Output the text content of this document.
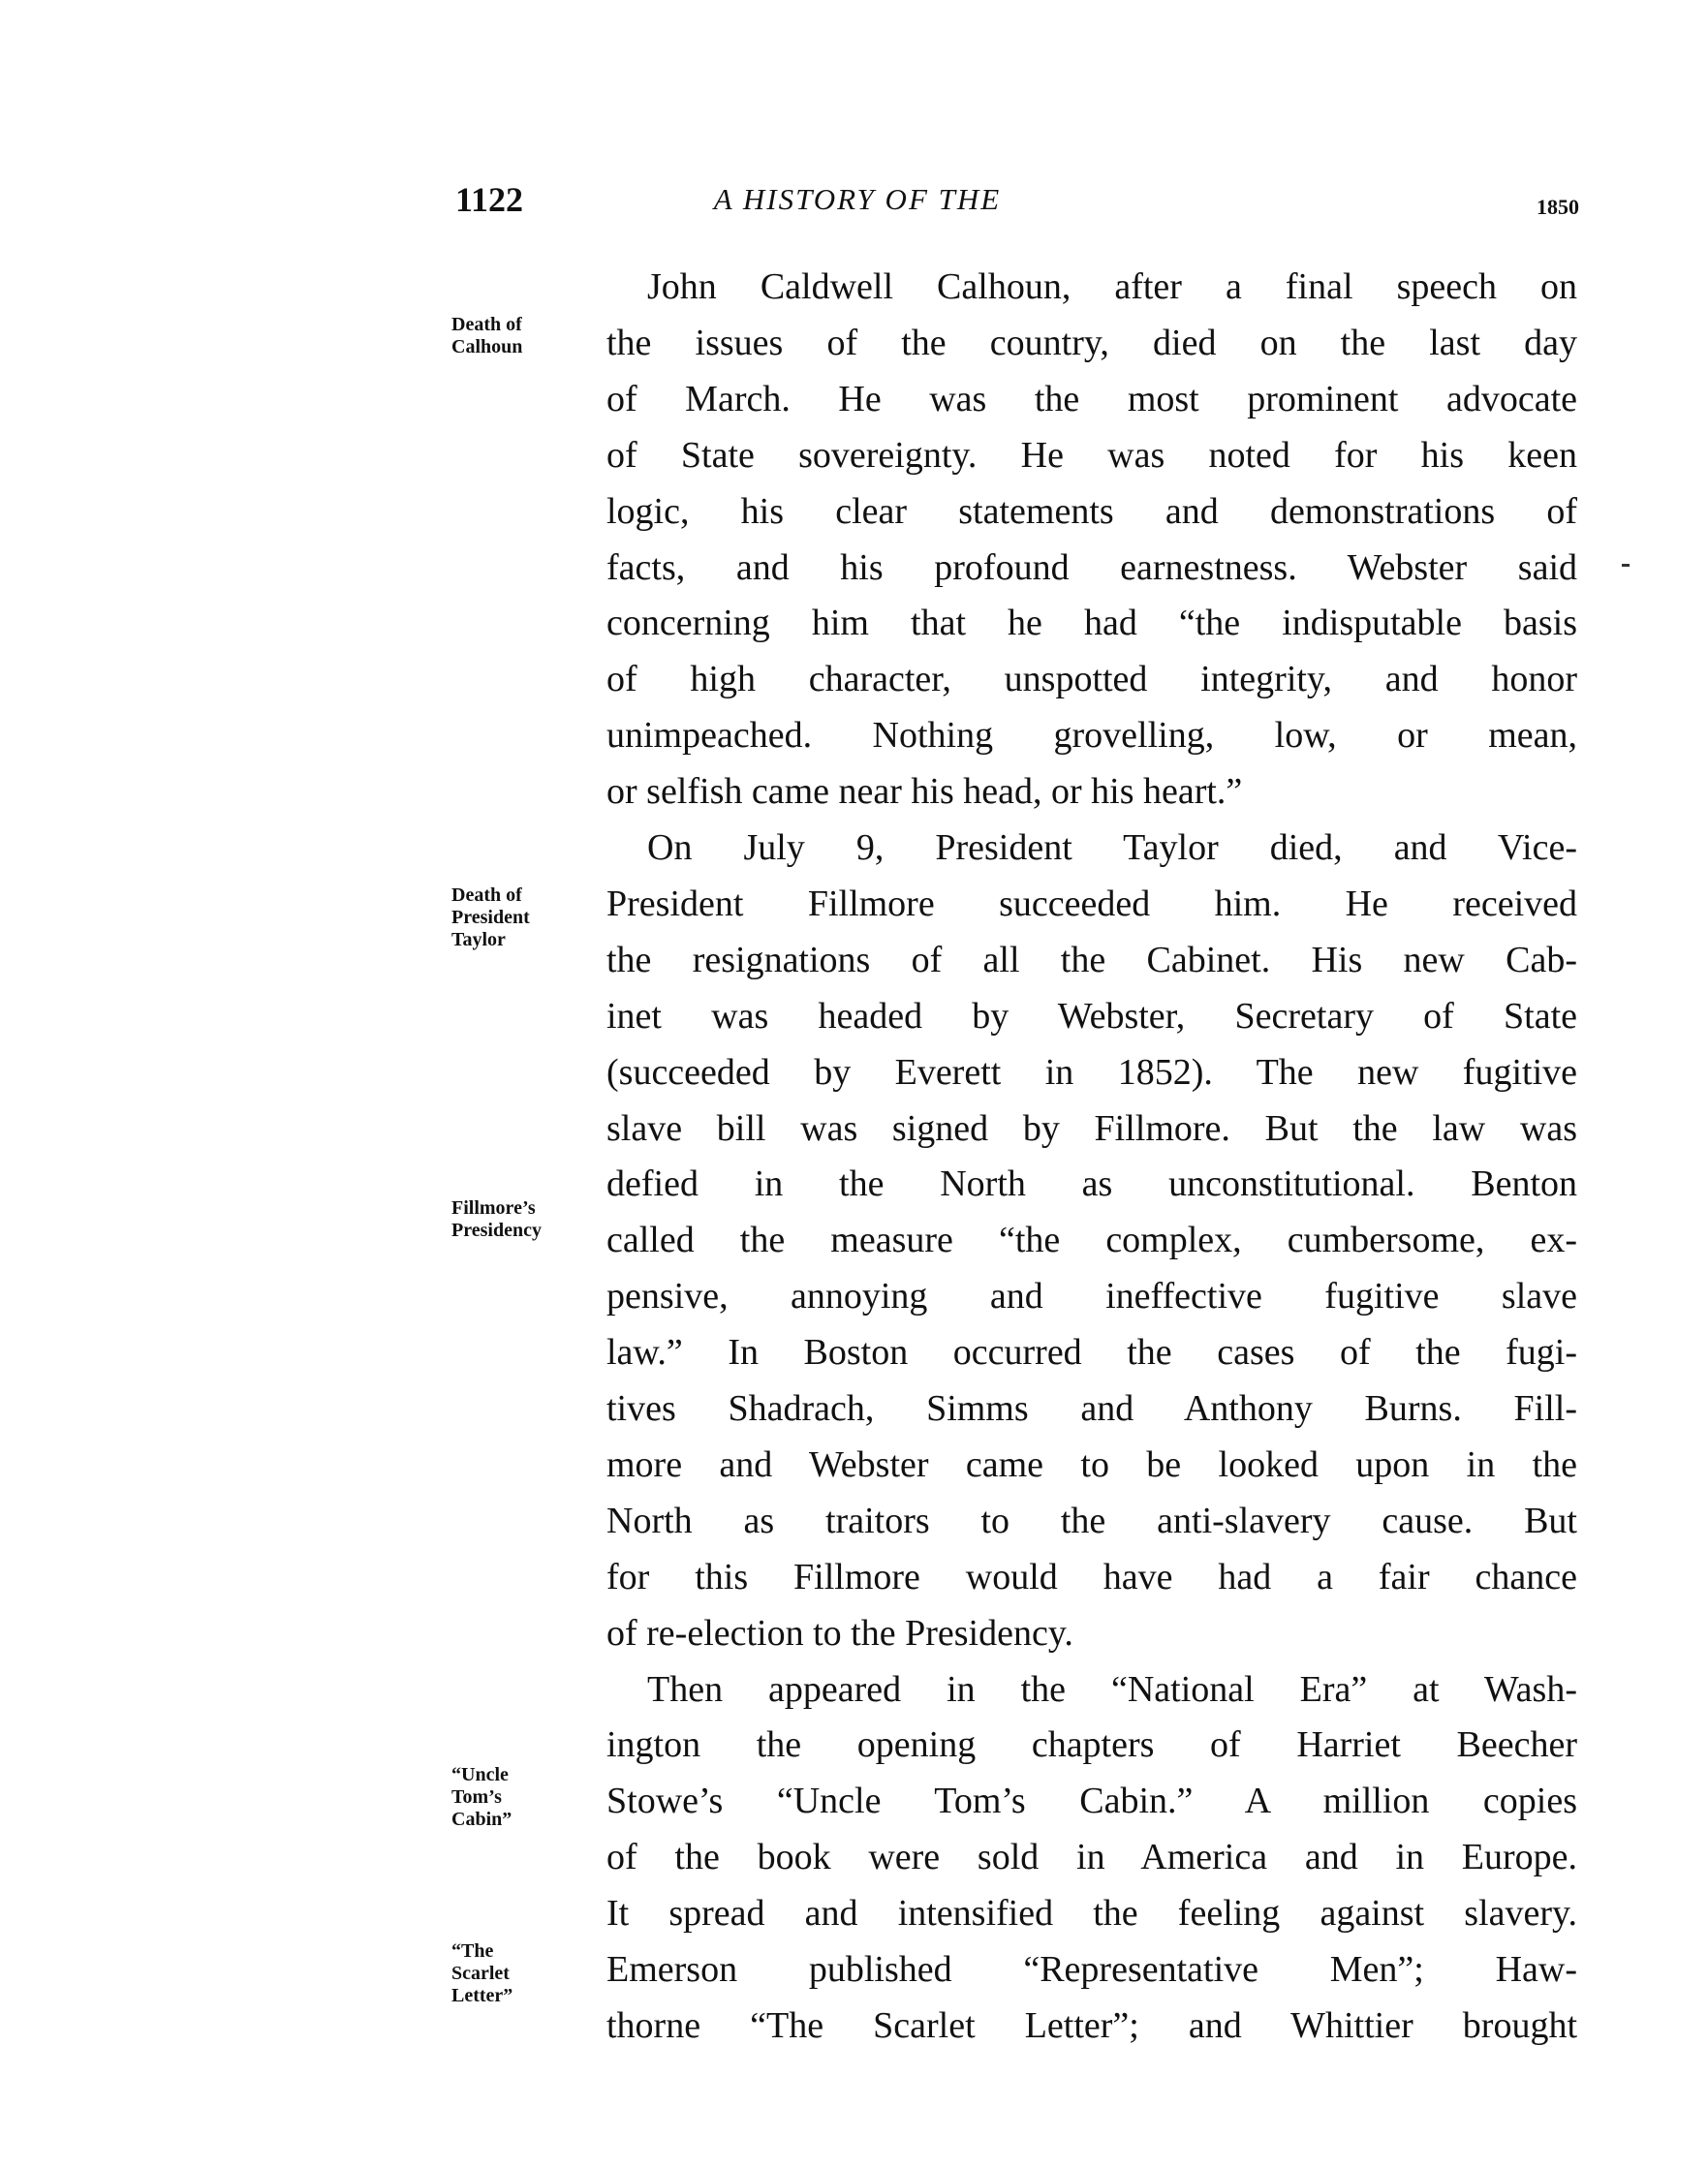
1122	A HISTORY OF THE	1850
John Caldwell Calhoun, after a final speech on
the issues of the country, died on the last day
of March. He was the most prominent advocate
of State sovereignty. He was noted for his keen
logic, his clear statements and demonstrations of
facts, and his profound earnestness. Webster said
concerning him that he had “the indisputable basis
of high character, unspotted integrity, and honor
unimpeached. Nothing grovelling, low, or mean,
or selfish came near his head, or his heart.”
On July 9, President Taylor died, and Vice-
President Fillmore succeeded him. He received
the resignations of all the Cabinet. His new Cab-
inet was headed by Webster, Secretary of State
(succeeded by Everett in 1852). The new fugitive
slave bill was signed by Fillmore. But the law was
defied in the North as unconstitutional. Benton
called the measure “the complex, cumbersome, ex-
pensive, annoying and ineffective fugitive slave
law.” In Boston occurred the cases of the fugi-
tives Shadrach, Simms and Anthony Burns. Fill-
more and Webster came to be looked upon in the
North as traitors to the anti-slavery cause. But
for this Fillmore would have had a fair chance
of re-election to the Presidency.
Then appeared in the “National Era” at Wash-
ington the opening chapters of Harriet Beecher
Stowe’s “Uncle Tom’s Cabin.” A million copies
of the book were sold in America and in Europe.
It spread and intensified the feeling against slavery.
Emerson published “Representative Men”; Haw-
thorne “The Scarlet Letter”; and Whittier brought
Death of
Calhoun
Death of
President
Taylor
Fillmore’s
Presidency
“Uncle
Tom’s
Cabin”
“The
Scarlet
Letter”
